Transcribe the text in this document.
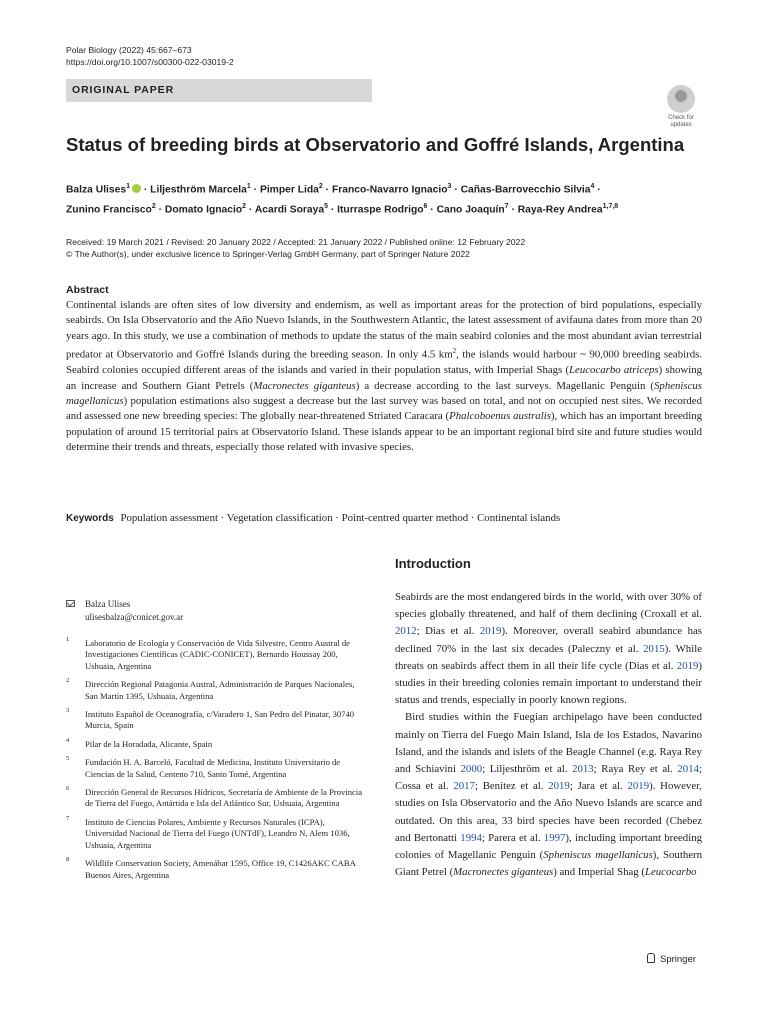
Polar Biology (2022) 45:667–673
https://doi.org/10.1007/s00300-022-03019-2
ORIGINAL PAPER
Check for
updates
Status of breeding birds at Observatorio and Goffré Islands, Argentina
Balza Ulises$^1$ · Liljesthröm Marcela$^1$ · Pimper Lida$^2$ · Franco-Navarro Ignacio$^3$ · Cañas-Barrovecchio Silvia$^4$ ·
Zunino Francisco$^2$ · Domato Ignacio$^2$ · Acardi Soraya$^5$ · Iturraspe Rodrigo$^6$ · Cano Joaquín$^7$ · Raya-Rey Andrea$^{1,7,8}$
Received: 19 March 2021 / Revised: 20 January 2022 / Accepted: 21 January 2022 / Published online: 12 February 2022
© The Author(s), under exclusive licence to Springer-Verlag GmbH Germany, part of Springer Nature 2022
Abstract
Continental islands are often sites of low diversity and endemism, as well as important areas for the protection of bird populations, especially seabirds. On Isla Observatorio and the Año Nuevo Islands, in the Southwestern Atlantic, the latest assessment of avifauna dates from more than 20 years ago. In this study, we use a combination of methods to update the status of the main seabird colonies and the most abundant avian terrestrial predator at Observatorio and Goffré Islands during the breeding season. In only 4.5 $km^2$, the islands would harbour ~ 90,000 breeding seabirds. Seabird colonies occupied different areas of the islands and varied in their population status, with Imperial Shags (Leucocarbo atriceps) showing an increase and Southern Giant Petrels (Macronectes giganteus) a decrease according to the last surveys. Magellanic Penguin (Spheniscus magellanicus) population estimations also suggest a decrease but the last survey was based on total, and not on occupied nest sites. We recorded and assessed one new breeding species: The globally near-threatened Striated Caracara (Phalcoboenus australis), which has an important breeding population of around 15 territorial pairs at Observatorio Island. These islands appear to be an important regional bird site and future studies would determine their trends and threats, especially those related with invasive species.
Keywords Population assessment · Vegetation classification · Point-centred quarter method · Continental islands
Balza Ulises
ulisesbalza@conicet.gov.ar
1 Laboratorio de Ecología y Conservación de Vida Silvestre, Centro Austral de Investigaciones Científicas (CADIC-CONICET), Bernardo Houssay 200, Ushuaia, Argentina
2 Dirección Regional Patagonia Austral, Administración de Parques Nacionales, San Martín 1395, Ushuaia, Argentina
3 Instituto Español de Oceanografía, c/Varadero 1, San Pedro del Pinatar, 30740 Murcia, Spain
4 Pilar de la Horadada, Alicante, Spain
5 Fundación H. A. Barceló, Facultad de Medicina, Instituto Universitario de Ciencias de la Salud, Centeno 710, Santo Tomé, Argentina
6 Dirección General de Recursos Hídricos, Secretaría de Ambiente de la Provincia de Tierra del Fuego, Antártida e Isla del Atlántico Sur, Ushuaia, Argentina
7 Instituto de Ciencias Polares, Ambiente y Recursos Naturales (ICPA), Universidad Nacional de Tierra del Fuego (UNTdF), Leandro N, Alem 1036, Ushuaia, Argentina
8 Wildlife Conservation Society, Amenábar 1595, Office 19, C1426AKC CABA Buenos Aires, Argentina
Introduction

Seabirds are the most endangered birds in the world, with over 30% of species globally threatened, and half of them declining (Croxall et al. 2012; Dias et al. 2019). Moreover, overall seabird abundance has declined 70% in the last six decades (Paleczny et al. 2015). While threats on seabirds affect them in all their life cycle (Dias et al. 2019) studies in their breeding colonies remain important to understand their status and trends, especially in poorly known regions.

Bird studies within the Fuegian archipelago have been conducted mainly on Tierra del Fuego Main Island, Isla de los Estados, Navarino Island, and the islands and islets of the Beagle Channel (e.g. Raya Rey and Schiavini 2000; Liljesthröm et al. 2013; Raya Rey et al. 2014; Cossa et al. 2017; Benitez et al. 2019; Jara et al. 2019). However, studies on Isla Observatorio and the Año Nuevo Islands are scarce and outdated. On this area, 33 bird species have been recorded (Chebez and Bertonatti 1994; Parera et al. 1997), including important breeding colonies of Magellanic Penguin (Spheniscus magellanicus), Southern Giant Petrel (Macronectes giganteus) and Imperial Shag (Leucocarbo

Springer
